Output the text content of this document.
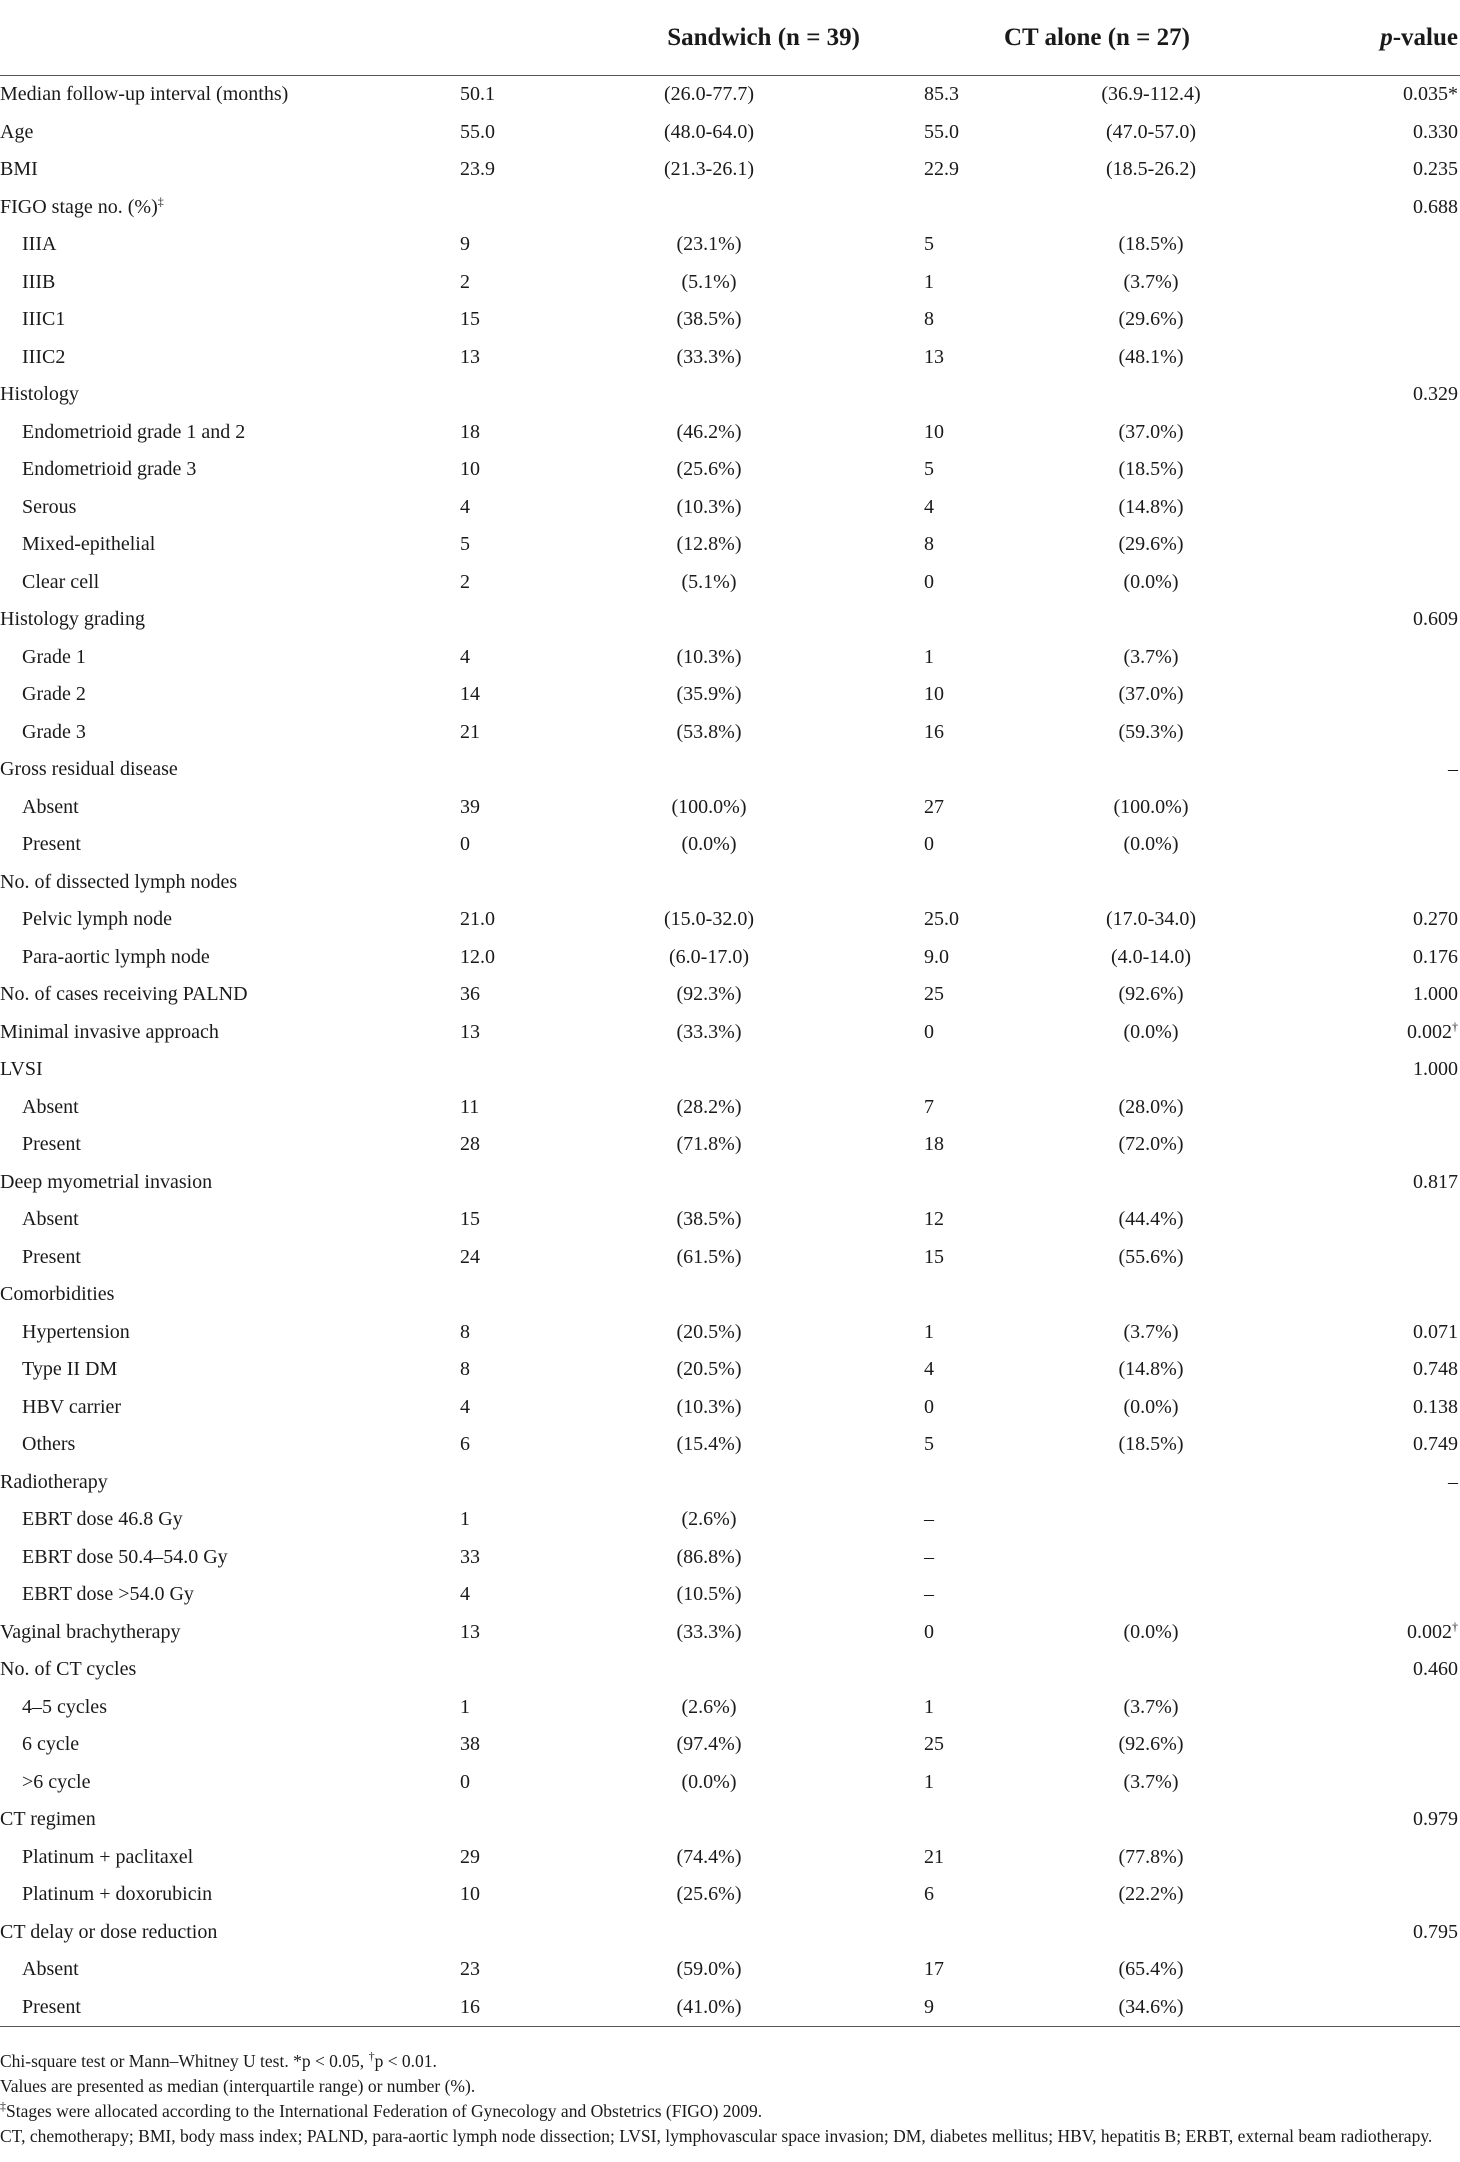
	Sandwich (n = 39)		CT alone (n = 27)		p-value
Median follow-up interval (months)	50.1	(26.0-77.7)	85.3	(36.9-112.4)	0.035*
Age	55.0	(48.0-64.0)	55.0	(47.0-57.0)	0.330
BMI	23.9	(21.3-26.1)	22.9	(18.5-26.2)	0.235
FIGO stage no. (%)‡					0.688
IIIA	9	(23.1%)	5	(18.5%)	
IIIB	2	(5.1%)	1	(3.7%)	
IIIC1	15	(38.5%)	8	(29.6%)	
IIIC2	13	(33.3%)	13	(48.1%)	
Histology					0.329
Endometrioid grade 1 and 2	18	(46.2%)	10	(37.0%)	
Endometrioid grade 3	10	(25.6%)	5	(18.5%)	
Serous	4	(10.3%)	4	(14.8%)	
Mixed-epithelial	5	(12.8%)	8	(29.6%)	
Clear cell	2	(5.1%)	0	(0.0%)	
Histology grading					0.609
Grade 1	4	(10.3%)	1	(3.7%)	
Grade 2	14	(35.9%)	10	(37.0%)	
Grade 3	21	(53.8%)	16	(59.3%)	
Gross residual disease					–
Absent	39	(100.0%)	27	(100.0%)	
Present	0	(0.0%)	0	(0.0%)	
No. of dissected lymph nodes					
Pelvic lymph node	21.0	(15.0-32.0)	25.0	(17.0-34.0)	0.270
Para-aortic lymph node	12.0	(6.0-17.0)	9.0	(4.0-14.0)	0.176
No. of cases receiving PALND	36	(92.3%)	25	(92.6%)	1.000
Minimal invasive approach	13	(33.3%)	0	(0.0%)	0.002†
LVSI					1.000
Absent	11	(28.2%)	7	(28.0%)	
Present	28	(71.8%)	18	(72.0%)	
Deep myometrial invasion					0.817
Absent	15	(38.5%)	12	(44.4%)	
Present	24	(61.5%)	15	(55.6%)	
Comorbidities					
Hypertension	8	(20.5%)	1	(3.7%)	0.071
Type II DM	8	(20.5%)	4	(14.8%)	0.748
HBV carrier	4	(10.3%)	0	(0.0%)	0.138
Others	6	(15.4%)	5	(18.5%)	0.749
Radiotherapy					–
EBRT dose 46.8 Gy	1	(2.6%)	–		
EBRT dose 50.4–54.0 Gy	33	(86.8%)	–		
EBRT dose >54.0 Gy	4	(10.5%)	–		
Vaginal brachytherapy	13	(33.3%)	0	(0.0%)	0.002†
No. of CT cycles					0.460
4–5 cycles	1	(2.6%)	1	(3.7%)	
6 cycle	38	(97.4%)	25	(92.6%)	
>6 cycle	0	(0.0%)	1	(3.7%)	
CT regimen					0.979
Platinum + paclitaxel	29	(74.4%)	21	(77.8%)	
Platinum + doxorubicin	10	(25.6%)	6	(22.2%)	
CT delay or dose reduction					0.795
Absent	23	(59.0%)	17	(65.4%)	
Present	16	(41.0%)	9	(34.6%)	

Chi-square test or Mann–Whitney U test. *p < 0.05, †p < 0.01.

Values are presented as median (interquartile range) or number (%).

‡Stages were allocated according to the International Federation of Gynecology and Obstetrics (FIGO) 2009.

CT, chemotherapy; BMI, body mass index; PALND, para-aortic lymph node dissection; LVSI, lymphovascular space invasion; DM, diabetes mellitus; HBV, hepatitis B; ERBT, external beam radiotherapy.
